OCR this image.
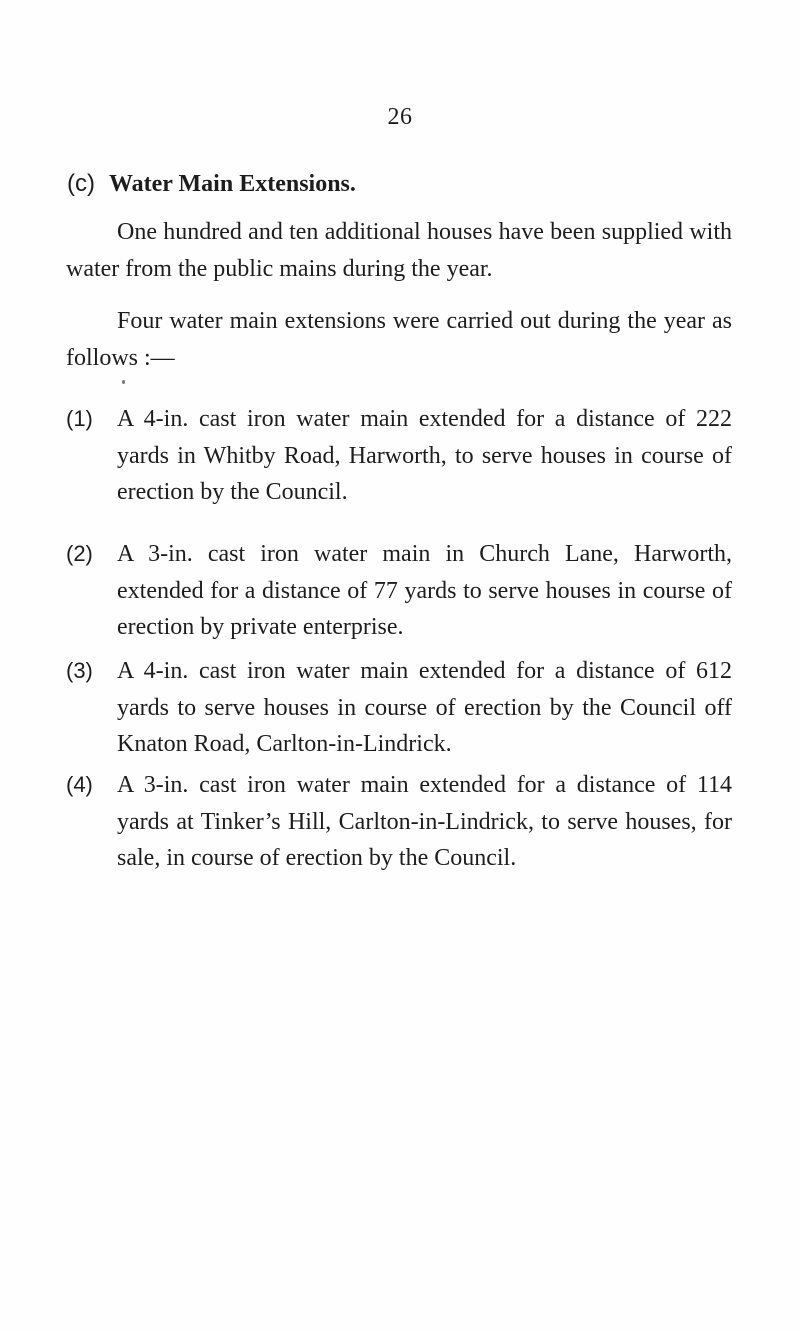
26
(c) Water Main Extensions.

One hundred and ten additional houses have been supplied with water from the public mains during the year.

Four water main extensions were carried out during the year as follows :—

(1)	A 4-in. cast iron water main extended for a distance of 222 yards in Whitby Road, Harworth, to serve houses in course of erection by the Council.

(2)	A 3-in. cast iron water main in Church Lane, Harworth, extended for a distance of 77 yards to serve houses in course of erection by private enterprise.

(3)	A 4-in. cast iron water main extended for a distance of 612 yards to serve houses in course of erection by the Council off Knaton Road, Carlton-in-Lindrick.

(4)	A 3-in. cast iron water main extended for a distance of 114 yards at Tinker’s Hill, Carlton-in-Lindrick, to serve houses, for sale, in course of erection by the Council.
